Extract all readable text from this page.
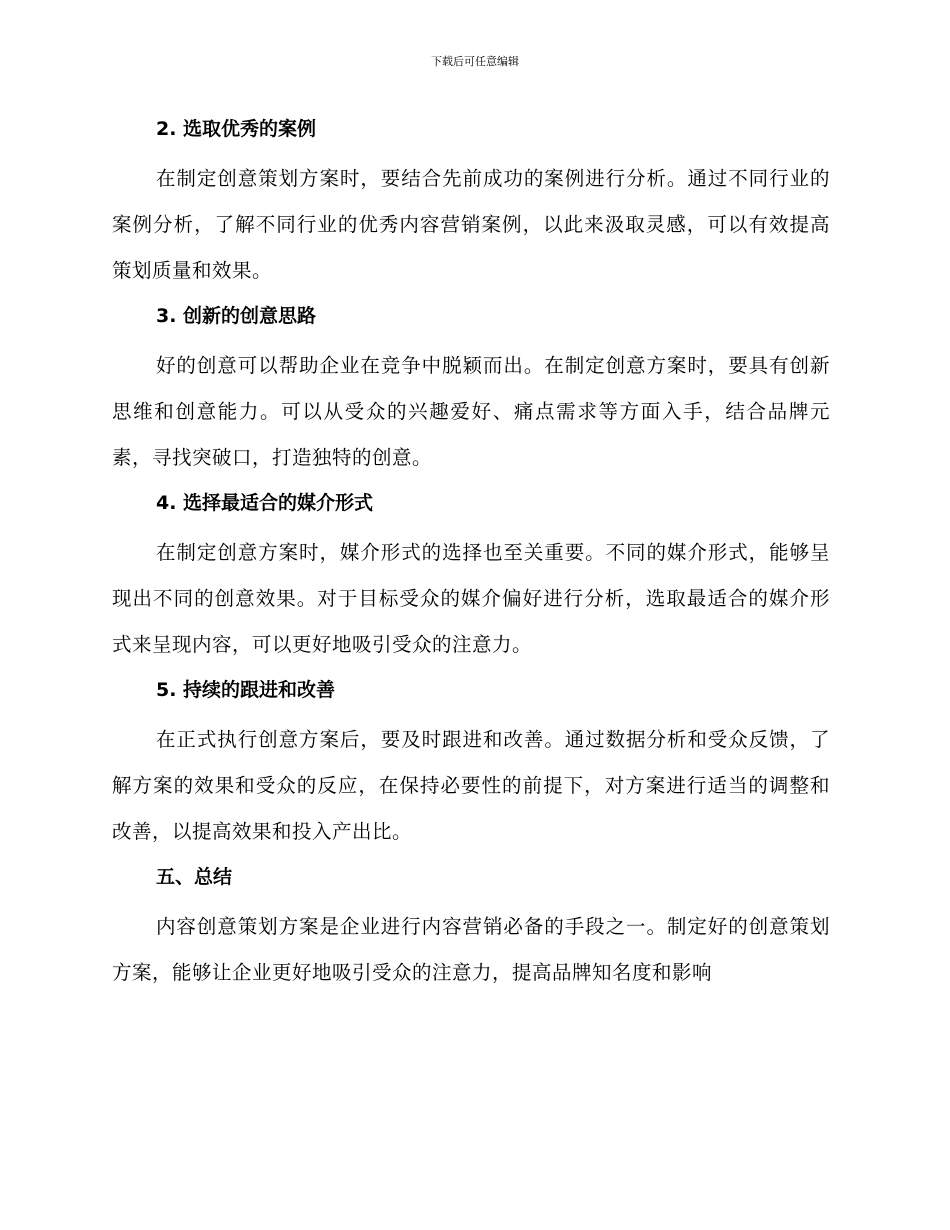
下载后可任意编辑
2. 选取优秀的案例

在制定创意策划方案时，要结合先前成功的案例进行分析。通过不同行业的案例分析，了解不同行业的优秀内容营销案例，以此来汲取灵感，可以有效提高策划质量和效果。

3. 创新的创意思路

好的创意可以帮助企业在竞争中脱颖而出。在制定创意方案时，要具有创新思维和创意能力。可以从受众的兴趣爱好、痛点需求等方面入手，结合品牌元素，寻找突破口，打造独特的创意。

4. 选择最适合的媒介形式

在制定创意方案时，媒介形式的选择也至关重要。不同的媒介形式，能够呈现出不同的创意效果。对于目标受众的媒介偏好进行分析，选取最适合的媒介形式来呈现内容，可以更好地吸引受众的注意力。

5. 持续的跟进和改善

在正式执行创意方案后，要及时跟进和改善。通过数据分析和受众反馈，了解方案的效果和受众的反应，在保持必要性的前提下，对方案进行适当的调整和改善，以提高效果和投入产出比。

五、总结

内容创意策划方案是企业进行内容营销必备的手段之一。制定好的创意策划方案，能够让企业更好地吸引受众的注意力，提高品牌知名度和影响
